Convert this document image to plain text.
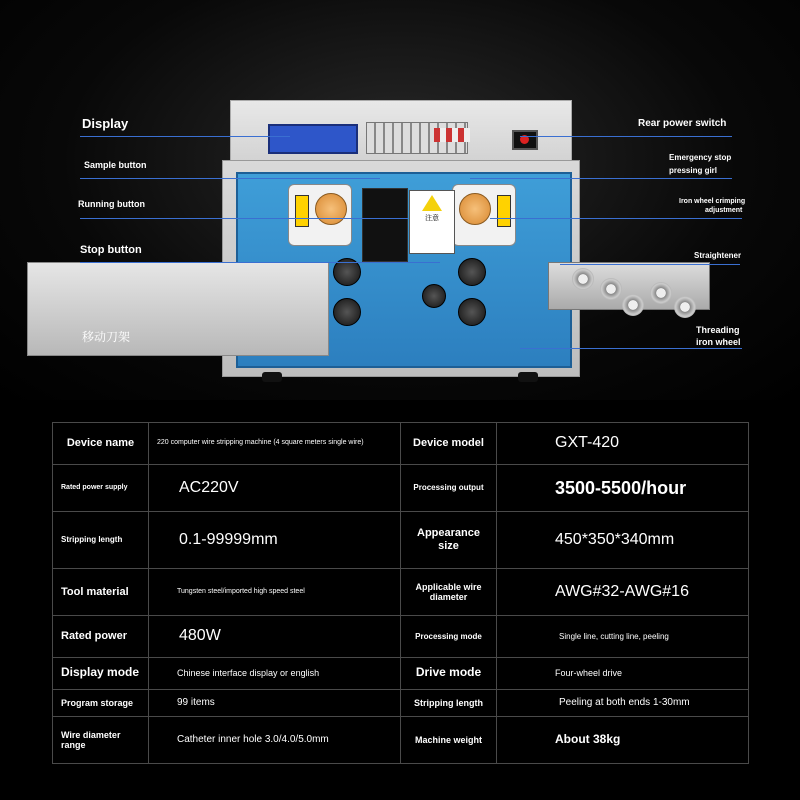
注意
移动刀架
Display
Sample button
Running button
Stop button
Rear power switch
Emergency stop
pressing girl
Iron wheel crimping
adjustment
Straightener
Threading
iron wheel
Device name	220 computer wire stripping machine (4 square meters single wire)	Device model	GXT-420
Rated power supply	AC220V	Processing output	3500-5500/hour
Stripping length	0.1-99999mm	Appearance size	450*350*340mm
Tool material	Tungsten steel/imported high speed steel	Applicable wire diameter	AWG#32-AWG#16
Rated power	480W	Processing mode	Single line, cutting line, peeling
Display mode	Chinese interface display or english	Drive mode	Four-wheel drive
Program storage	99 items	Stripping length	Peeling at both ends 1-30mm
Wire diameter range	Catheter inner hole 3.0/4.0/5.0mm	Machine weight	About 38kg
